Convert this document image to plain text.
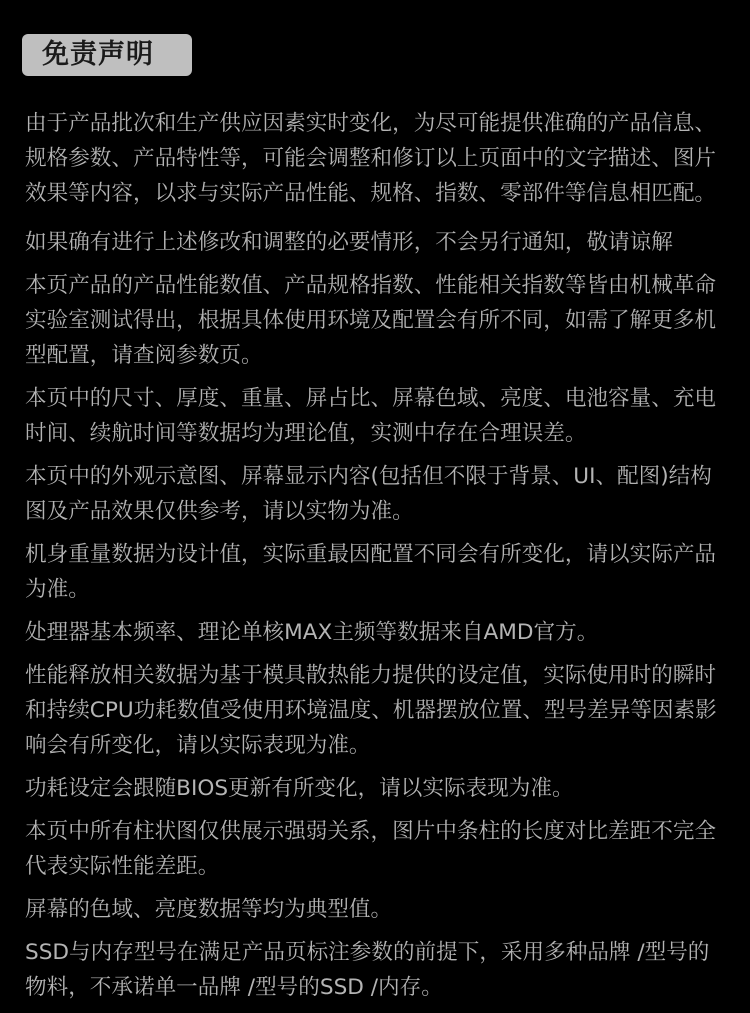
免责声明

由于产品批次和生产供应因素实时变化，为尽可能提供准确的产品信息、规格参数、产品特性等，可能会调整和修订以上页面中的文字描述、图片效果等内容，以求与实际产品性能、规格、指数、零部件等信息相匹配。

如果确有进行上述修改和调整的必要情形，不会另行通知，敬请谅解

本页产品的产品性能数值、产品规格指数、性能相关指数等皆由机械革命实验室测试得出，根据具体使用环境及配置会有所不同，如需了解更多机型配置，请查阅参数页。

本页中的尺寸、厚度、重量、屏占比、屏幕色域、亮度、电池容量、充电时间、续航时间等数据均为理论值，实测中存在合理误差。

本页中的外观示意图、屏幕显示内容(包括但不限于背景、UI、配图)结构图及产品效果仅供参考，请以实物为准。

机身重量数据为设计值，实际重最因配置不同会有所变化，请以实际产品为准。

处理器基本频率、理论单核MAX主频等数据来自AMD官方。

性能释放相关数据为基于模具散热能力提供的设定值，实际使用时的瞬时和持续CPU功耗数值受使用环境温度、机器摆放位置、型号差异等因素影响会有所变化，请以实际表现为准。

功耗设定会跟随BIOS更新有所变化，请以实际表现为准。

本页中所有柱状图仅供展示强弱关系，图片中条柱的长度对比差距不完全代表实际性能差距。

屏幕的色域、亮度数据等均为典型值。

SSD与内存型号在满足产品页标注参数的前提下，采用多种品牌 /型号的物料，不承诺单一品牌 /型号的SSD /内存。
